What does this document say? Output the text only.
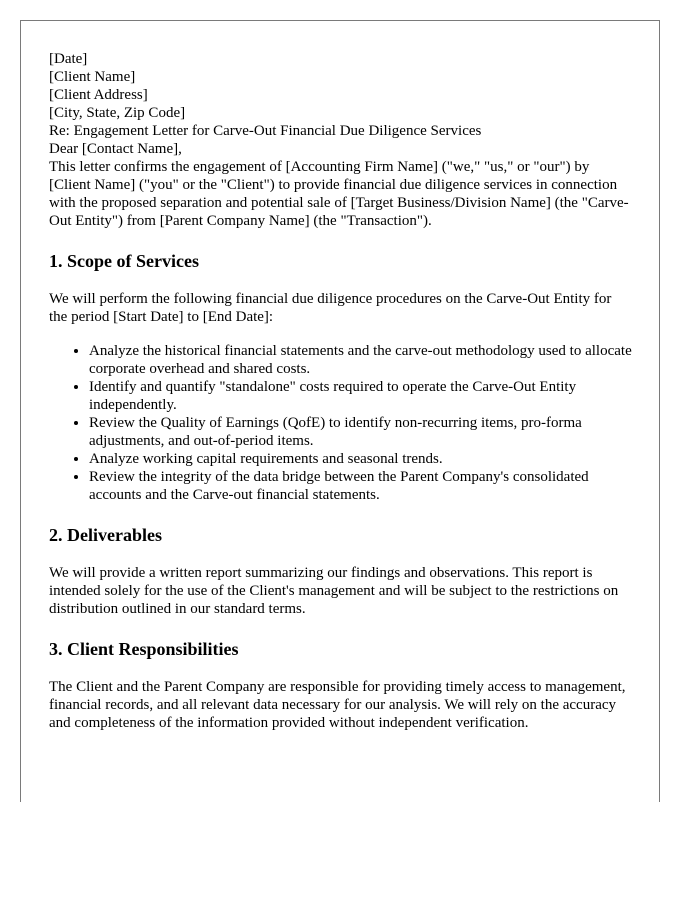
[Date]

[Client Name]
[Client Address]
[City, State, Zip Code]

Re: Engagement Letter for Carve-Out Financial Due Diligence Services

Dear [Contact Name],

This letter confirms the engagement of [Accounting Firm Name] ("we," "us," or "our") by [Client Name] ("you" or the "Client") to provide financial due diligence services in connection with the proposed separation and potential sale of [Target Business/Division Name] (the "Carve-Out Entity") from [Parent Company Name] (the "Transaction").

1. Scope of Services

We will perform the following financial due diligence procedures on the Carve-Out Entity for the period [Start Date] to [End Date]:

• Analyze the historical financial statements and the carve-out methodology used to allocate corporate overhead and shared costs.
• Identify and quantify "standalone" costs required to operate the Carve-Out Entity independently.
• Review the Quality of Earnings (QofE) to identify non-recurring items, pro-forma adjustments, and out-of-period items.
• Analyze working capital requirements and seasonal trends.
• Review the integrity of the data bridge between the Parent Company's consolidated accounts and the Carve-out financial statements.
2. Deliverables

We will provide a written report summarizing our findings and observations. This report is intended solely for the use of the Client's management and will be subject to the restrictions on distribution outlined in our standard terms.

3. Client Responsibilities

The Client and the Parent Company are responsible for providing timely access to management, financial records, and all relevant data necessary for our analysis. We will rely on the accuracy and completeness of the information provided without independent verification.
